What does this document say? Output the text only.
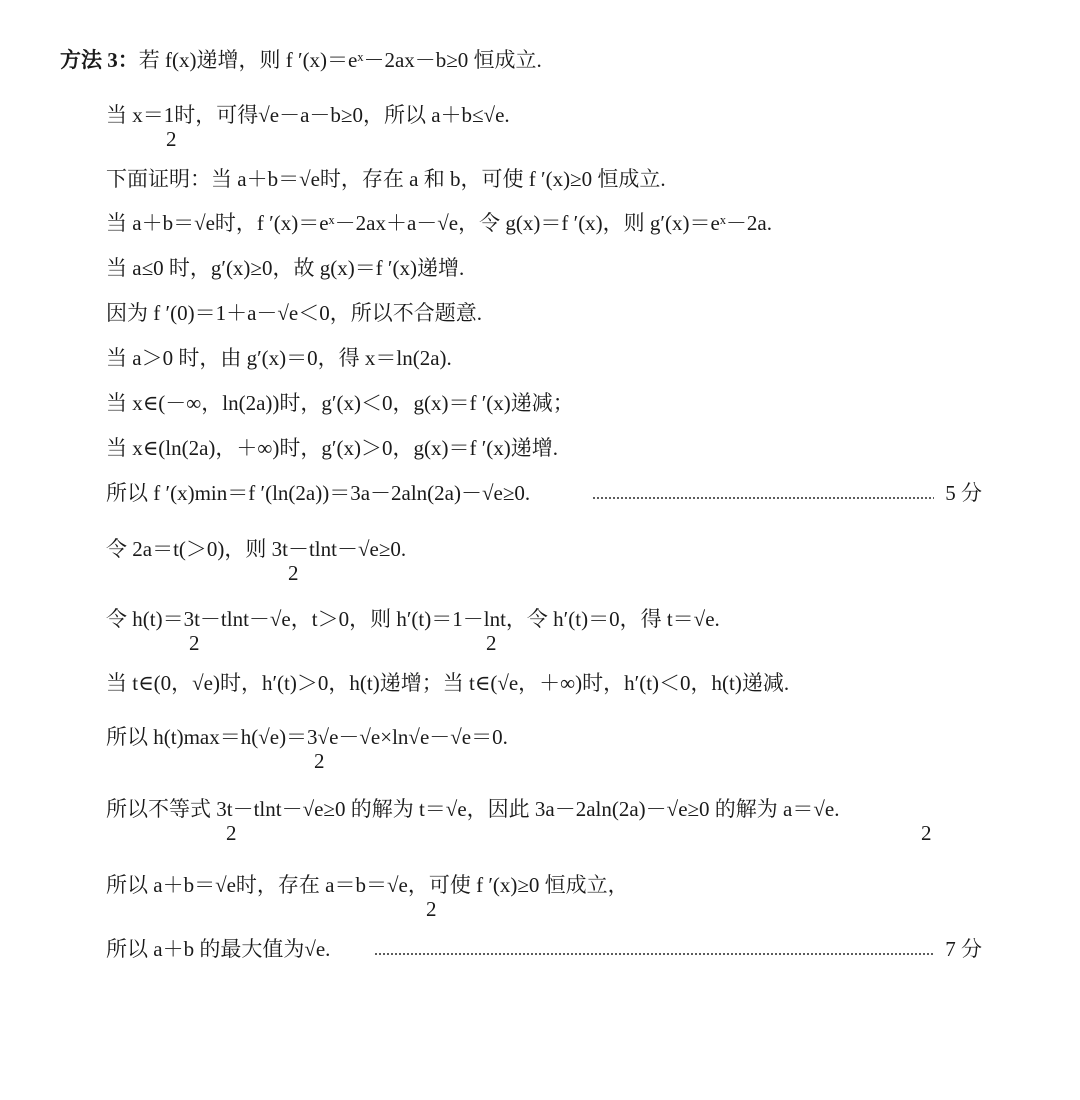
方法 3：若 f(x)递增，则 f ′(x)＝eˣ－2ax－b≥0 恒成立.
当 x＝1时，可得√e－a－b≥0，所以 a＋b≤√e.
2
下面证明：当 a＋b＝√e时，存在 a 和 b，可使 f ′(x)≥0 恒成立.
当 a＋b＝√e时，f ′(x)＝eˣ－2ax＋a－√e，令 g(x)＝f ′(x)，则 g′(x)＝eˣ－2a.
当 a≤0 时，g′(x)≥0，故 g(x)＝f ′(x)递增.
因为 f ′(0)＝1＋a－√e＜0，所以不合题意.
当 a＞0 时，由 g′(x)＝0，得 x＝ln(2a).
当 x∈(－∞，ln(2a))时，g′(x)＜0，g(x)＝f ′(x)递减；
当 x∈(ln(2a)，＋∞)时，g′(x)＞0，g(x)＝f ′(x)递增.
所以 f ′(x)min＝f ′(ln(2a))＝3a－2aln(2a)－√e≥0.	5 分
令 2a＝t(＞0)，则 3t－tlnt－√e≥0.
2
令 h(t)＝3t－tlnt－√e，t＞0，则 h′(t)＝1－lnt，令 h′(t)＝0，得 t＝√e.
2	2
当 t∈(0，√e)时，h′(t)＞0，h(t)递增；当 t∈(√e，＋∞)时，h′(t)＜0，h(t)递减.
所以 h(t)max＝h(√e)＝3√e－√e×ln√e－√e＝0.
2
所以不等式 3t－tlnt－√e≥0 的解为 t＝√e，因此 3a－2aln(2a)－√e≥0 的解为 a＝√e.
2	2
所以 a＋b＝√e时，存在 a＝b＝√e，可使 f ′(x)≥0 恒成立，
2
所以 a＋b 的最大值为√e.	7 分
